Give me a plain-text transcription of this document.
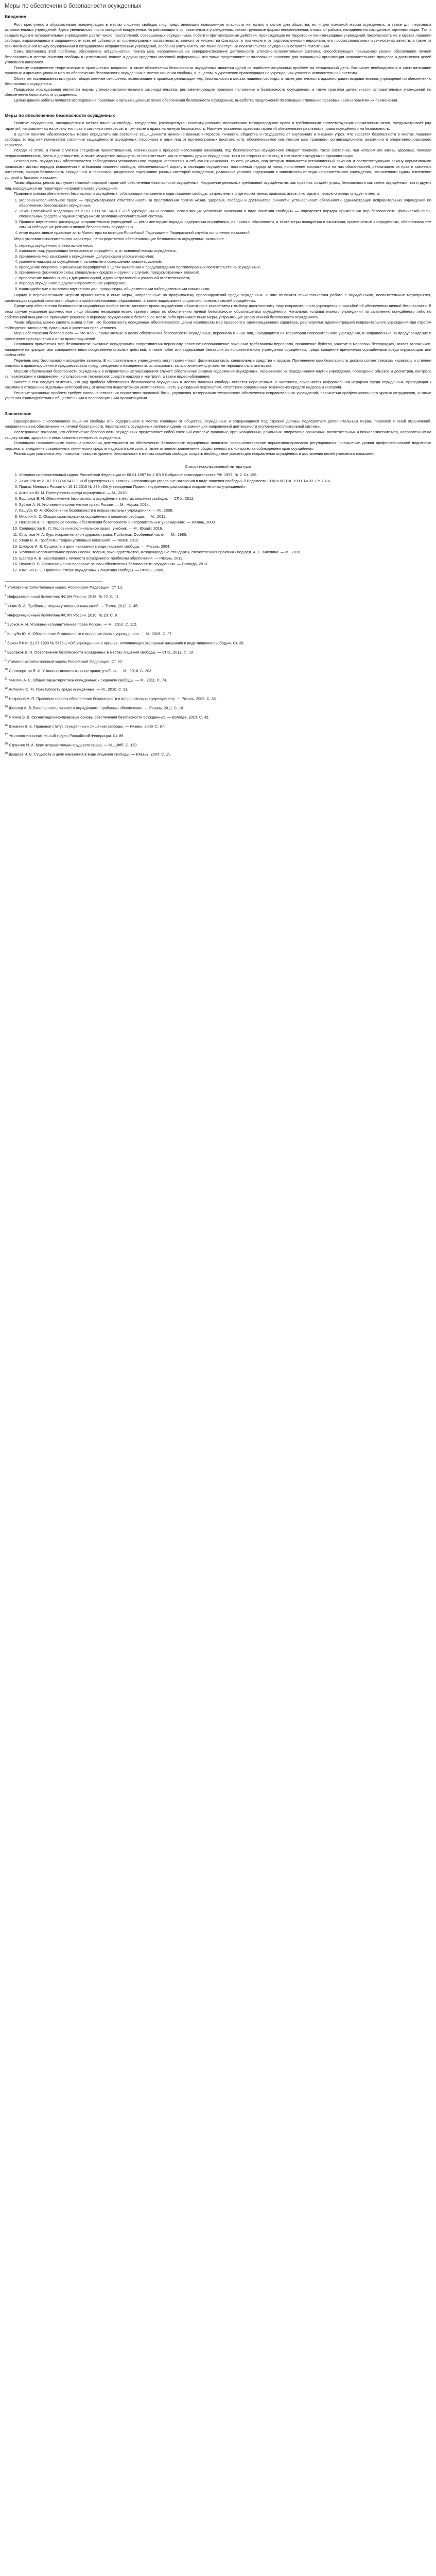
Меры по обеспечению безопасности осужденных
Введение

Рост преступности обуславливает концентрацию в местах лишения свободы лиц, представляющих повышенную опасность не только в целом для общества, но и для основной массы осужденных, а также для персонала исправительных учреждений. Здесь увеличилось число холодной вооруженных на работающих в исправительных учреждениях, захват групповые формы неповиновения, отказы от работы, нападения на сотрудников администрации. Так, с каждым годом в исправительных учреждениях растет число преступлений, совершаемых осужденными, побеги и противоправные действия, происходящие на территории пенитенциарных учреждений. Безопасность же в местах лишения свободы, выражающаяся в защищенности всех её субъектов от противоправных посягательств, зависит от множества факторов, в том числе и от подготовленности персонала, его профессиональных и личностных качеств, а также от взаимоотношений между осужденными и сотрудниками исправительных учреждений, особенно учитывая то, что такие преступные посягательства осуждённых остаются латентными.

Сама постановка этой проблемы обусловлена актуальностью поиска мер, направленных на совершенствование деятельности уголовно-исполнительной системы, способствующих повышению уровня обеспечения личной безопасности в местах лишения свободы в центральной полосе и других средствах массовой информации, что также представляет немаловажное значение для правильной организации исправительного процесса и достижения целей уголовного наказания.

Поэтому определение теоретических и практических вопросов, а также обеспечения безопасности осуждённых является одной из наиболее актуальных проблем на сегодняшний день. Возникает необходимость в систематизации правовых и организационных мер по обеспечению безопасности осуждённых в местах лишения свободы, и, в целом, в укреплении правопорядка на учреждениях уголовно-исполнительной системы.

Объектом исследования выступают общественные отношения, возникающие в процессе реализации мер безопасности в местах лишения свободы, а также деятельность администрации исправительных учреждений по обеспечению безопасности осужденных.

Предметом исследования являются нормы уголовно-исполнительного законодательства, регламентирующие правовое положение и безопасность осужденных, а также практика деятельности исправительных учреждений по обеспечению безопасности осужденных.

Целью данной работы является исследование правовых и организационных основ обеспечения безопасности осуждённых, выработка предложений по совершенствованию правовых норм и практики их применения.

Меры по обеспечению безопасности осужденных

Понятие осуждённого, находящегося в местах лишения свободы, государство, руководствуясь конституционными положениями международного права и требованиями соответствующих нормативных актов, предусматривает ряд гарантий, направленных на охрану его прав и законных интересов, в том числе и права на личную безопасность. Наличие указанных правовых гарантий обеспечивает реальность права осуждённого на безопасность.

В целом понятие «безопасность» можно определить как состояние защищённости жизненно важных интересов личности, общества и государства от внутренних и внешних угроз. Что касается безопасности в местах лишения свободы, то под ней понимается состояние защищённости осуждённых, персонала и иных лиц от противоправных посягательств, обеспечиваемое комплексом мер правового, организационного, режимного и оперативно-розыскного характера.

Исходя из этого, а также с учётом специфики правоотношений, возникающих в процессе исполнения наказания, под безопасностью осуждённого следует понимать такое состояние, при котором его жизнь, здоровье, половая неприкосновенность, честь и достоинство, а также имущество защищены от посягательств как со стороны других осуждённых, так и со стороны иных лиц, в том числе сотрудников администрации.

Безопасность осуждённых обеспечивается соблюдением установленного порядка исполнения и отбывания наказания, то есть режима, под которым понимается установленный законом и соответствующими закону нормативными правовыми актами порядок исполнения и отбывания лишения свободы, обеспечивающий охрану и изоляцию осуждённых, постоянный надзор за ними, исполнение возложенных на них обязанностей, реализацию их прав и законных интересов, личную безопасность осуждённых и персонала, раздельное содержание разных категорий осуждённых, различные условия содержания в зависимости от вида исправительного учреждения, назначенного судом, изменение условий отбывания наказания.

Таким образом, режим выступает главной правовой гарантией обеспечения безопасности осуждённых. Нарушение режимных требований осуждёнными, как правило, создаёт угрозу безопасности как самих осуждённых, так и других лиц, находящихся на территории исправительного учреждения.

Правовые основы обеспечения безопасности осуждённых, отбывающих наказание в виде лишения свободы, закреплены в ряде нормативных правовых актов, к которым в первую очередь следует отнести:

1. уголовно-исполнительное право — предусматривает ответственность за преступления против жизни, здоровья, свободы и достоинства личности; устанавливает обязанности администрации исправительных учреждений по обеспечению безопасности осуждённых;
2. Закон Российской Федерации от 21.07.1993 № 5473-1 «Об учреждениях и органах, исполняющих уголовные наказания в виде лишения свободы» — определяет порядок применения мер безопасности, физической силы, специальных средств и оружия сотрудниками уголовно-исполнительной системы;
3. Правила внутреннего распорядка исправительных учреждений — регламентируют порядок содержания осуждённых, их права и обязанности, а также меры поощрения и взыскания, применяемые к осуждённым, обеспечивая тем самым соблюдение режима и личной безопасности осуждённых.
4. иные нормативные правовые акты Министерства юстиции Российской Федерации и Федеральной службы исполнения наказаний.

Меры уголовно-исполнительного характера, непосредственно обеспечивающие безопасность осуждённых, включают:

1. перевод осуждённого в безопасное место;
2. изоляцию лиц, угрожающих безопасности осуждённого, от основной массы осуждённых;
3. применение мер взыскания к осуждённым, допускающим угрозы и насилие;
4. усиление надзора за осуждёнными, склонными к совершению правонарушений;
5. проведение оперативно-розыскных мероприятий в целях выявления и предупреждения противоправных посягательств на осуждённых;
6. применение физической силы, специальных средств и оружия в случаях, предусмотренных законом;
7. привлечение виновных лиц к дисциплинарной, административной и уголовной ответственности;
8. перевод осуждённого в другое исправительное учреждение;
9. взаимодействие с органами внутренних дел, прокуратуры, общественными наблюдательными комиссиями.

Наряду с перечисленными мерами применяются и иные меры, направленные на профилактику правонарушений среди осуждённых. К ним относятся психологическая работа с осуждёнными, воспитательные мероприятия, организация трудовой занятости, общего и профессионального образования, а также поддержание социально полезных связей осуждённых.

Среди мер обеспечения безопасности осуждённых особое место занимает право осуждённого обратиться с заявлением к любому должностному лицу исправительного учреждения с просьбой об обеспечении личной безопасности. В этом случае указанное должностное лицо обязано незамедлительно принять меры по обеспечению личной безопасности обратившегося осуждённого. Начальник исправительного учреждения по заявлению осуждённого либо по собственной инициативе принимает решение о переводе осуждённого в безопасное место либо принимает иные меры, устраняющие угрозу личной безопасности осуждённого.

Таким образом, можно сделать вывод о том, что безопасность осуждённых обеспечивается целым комплексом мер правового и организационного характера, реализуемых администрацией исправительного учреждения при строгом соблюдении законности, гуманизма и уважения прав человека.

Меры обеспечения безопасности — это меры, применяемые в целях обеспечения безопасности осуждённых, персонала и иных лиц, находящихся на территории исправительного учреждения, и направленные на предупреждение и пресечение преступлений и иных правонарушений.

Основания применения мер безопасности: оказание осуждёнными сопротивления персоналу, злостное неповиновение законным требованиям персонала, проявление буйства, участие в массовых беспорядках, захват заложников, нападение на граждан или совершение иных общественно опасных действий, а также побег или задержание бежавших из исправительного учреждения осуждённых, предотвращение причинения осуждёнными вреда окружающим или самим себе.

Перечень мер безопасности определён законом. В исправительных учреждениях могут применяться физическая сила, специальные средства и оружие. Применение мер безопасности должно соответствовать характеру и степени опасности правонарушения и предшествовать предупреждению о намерении их использовать, за исключением случаев, не терпящих отлагательства.

Мерами обеспечения безопасности осуждённых в исправительных учреждениях служат: обеспечение режима содержания осуждённых, ограничение их передвижения внутри учреждения, проведение обысков и досмотров, контроль за переписками и свиданиями, использование технических средств надзора и контроля, а также видеонаблюдение.

Вместе с тем следует отметить, что ряд проблем обеспечения безопасности осуждённых в местах лишения свободы остаётся нерешённым. В частности, сохраняется неформальная иерархия среди осуждённых, приводящая к насилию в отношении отдельных категорий лиц, отмечается недостаточная укомплектованность учреждений персоналом, отсутствие современных технических средств надзора и контроля.

Решение указанных проблем требует совершенствования нормативно-правовой базы, улучшения материально-технического обеспечения исправительных учреждений, повышения профессионального уровня сотрудников, а также усиления взаимодействия с общественными и правозащитными организациями.

Заключение

Одновременно с исполнением лишения свободы или содержанием в местах изоляции от общества, осуждённые и содержащиеся под стражей должны подвергаться дополнительным мерам, правовой и иной ограничений, направленных на обеспечение их личной безопасности. Безопасность осуждённых является одним из важнейших направлений деятельности уголовно-исполнительной системы.

Исследование показало, что обеспечение безопасности осуждённых представляет собой сложный комплекс правовых, организационных, режимных, оперативно-розыскных, воспитательных и психологических мер, направленных на защиту жизни, здоровья и иных законных интересов осуждённых.

Основными направлениями совершенствования деятельности по обеспечению безопасности осуждённых являются: совершенствование нормативно-правового регулирования, повышение уровня профессиональной подготовки персонала, внедрение современных технических средств надзора и контроля, а также активное привлечение общественности к контролю за соблюдением прав осуждённых.

Реализация указанных мер позволит повысить уровень безопасности в местах лишения свободы, создать необходимые условия для исправления осуждённых и достижения целей уголовного наказания.

Список использованной литературы
1. Уголовно-исполнительный кодекс Российской Федерации от 08.01.1997 № 1-ФЗ // Собрание законодательства РФ. 1997. № 2. Ст. 198.
2. Закон РФ от 21.07.1993 № 5473-1 «Об учреждениях и органах, исполняющих уголовные наказания в виде лишения свободы» // Ведомости СНД и ВС РФ. 1993. № 33. Ст. 1316.
3. Приказ Минюста России от 16.12.2016 № 295 «Об утверждении Правил внутреннего распорядка исправительных учреждений».
4. Антонян Ю. М. Преступность среди осуждённых. — М., 2010.
5. Бурлаков В. Н. Обеспечение безопасности осуждённых в местах лишения свободы. — СПб., 2012.
6. Зубков А. И. Уголовно-исполнительное право России. — М.: Норма, 2014.
7. Кашуба Ю. А. Обеспечение безопасности в исправительных учреждениях. — М., 2008.
8. Михлин А. С. Общая характеристика осуждённых к лишению свободы. — М., 2011.
9. Некрасов А. П. Правовые основы обеспечения безопасности в исправительных учреждениях. — Рязань, 2009.
10. Селиверстов В. И. Уголовно-исполнительное право: учебник. — М.: Юрайт, 2016.
11. Стручков Н. А. Курс исправительно-трудового права. Проблемы Особенной части. — М., 1985.
12. Уткин В. А. Проблемы теории уголовных наказаний. — Томск, 2012.
13. Шмаров И. В. Сущность и цели наказания в виде лишения свободы. — Рязань, 2004.
14. Уголовно-исполнительное право России: теория, законодательство, международные стандарты, отечественная практика / под ред. А. С. Михлина. — М., 2016.
15. Шеслер А. В. Безопасность личности осуждённого: проблемы обеспечения. — Рязань, 2011.
16. Ягунов В. В. Организационно-правовые основы обеспечения безопасности осуждённых. — Вологда, 2013.
17. Южанин В. Е. Правовой статус осуждённых к лишению свободы. — Рязань, 2009.

$^1$ Уголовно-исполнительный кодекс Российской Федерации. Ст. 13.

$^2$ Информационный бюллетень ФСИН России. 2015. № 22. С. 11.

$^3$ Уткин В. А. Проблемы теории уголовных наказаний. — Томск, 2012. С. 45.

$^4$ Информационный бюллетень ФСИН России. 2016. № 23. С. 9.

$^5$ Зубков А. И. Уголовно-исполнительное право России. — М., 2014. С. 112.

$^6$ Кашуба Ю. А. Обеспечение безопасности в исправительных учреждениях. — М., 2008. С. 27.

$^7$ Закон РФ от 21.07.1993 № 5473-1 «Об учреждениях и органах, исполняющих уголовные наказания в виде лишения свободы». Ст. 28.

$^8$ Бурлаков В. Н. Обеспечение безопасности осуждённых в местах лишения свободы. — СПб., 2012. С. 58.

$^9$ Уголовно-исполнительный кодекс Российской Федерации. Ст. 82.

$^{10}$ Селиверстов В. И. Уголовно-исполнительное право: учебник. — М., 2016. С. 203.

$^{11}$ Михлин А. С. Общая характеристика осуждённых к лишению свободы. — М., 2011. С. 74.

$^{12}$ Антонян Ю. М. Преступность среди осуждённых. — М., 2010. С. 91.

$^{13}$ Некрасов А. П. Правовые основы обеспечения безопасности в исправительных учреждениях. — Рязань, 2009. С. 36.

$^{14}$ Шеслер А. В. Безопасность личности осуждённого: проблемы обеспечения. — Рязань, 2011. С. 19.

$^{15}$ Ягунов В. В. Организационно-правовые основы обеспечения безопасности осуждённых. — Вологда, 2013. С. 42.

$^{16}$ Южанин В. Е. Правовой статус осуждённых к лишению свободы. — Рязань, 2009. С. 67.

$^{17}$ Уголовно-исполнительный кодекс Российской Федерации. Ст. 86.

$^{18}$ Стручков Н. А. Курс исправительно-трудового права. — М., 1985. С. 130.

$^{19}$ Шмаров И. В. Сущность и цели наказания в виде лишения свободы. — Рязань, 2004. С. 15.
